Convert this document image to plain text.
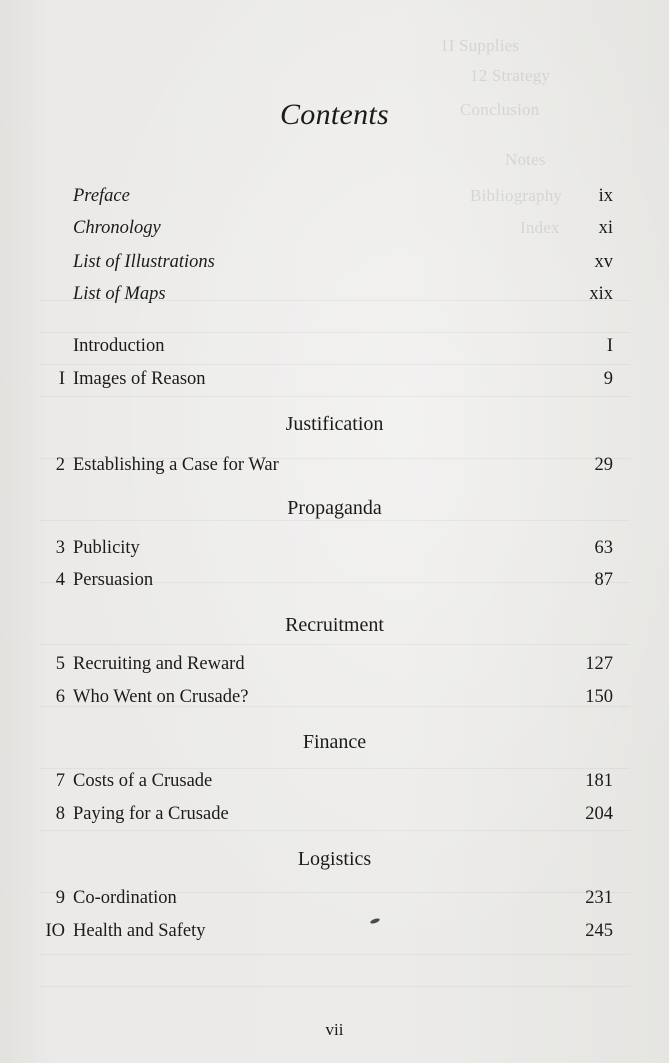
1I Supplies
12 Strategy
Conclusion
Notes
Bibliography
Index
Contents
Preface	ix
Chronology	xi
List of Illustrations	xv
List of Maps	xix
Introduction	I
I Images of Reason	9
Justification
2 Establishing a Case for War	29
Propaganda
3 Publicity	63
4 Persuasion	87
Recruitment
5 Recruiting and Reward	127
6 Who Went on Crusade?	150
Finance
7 Costs of a Crusade	181
8 Paying for a Crusade	204
Logistics
9 Co-ordination	231
IO Health and Safety	245
vii
